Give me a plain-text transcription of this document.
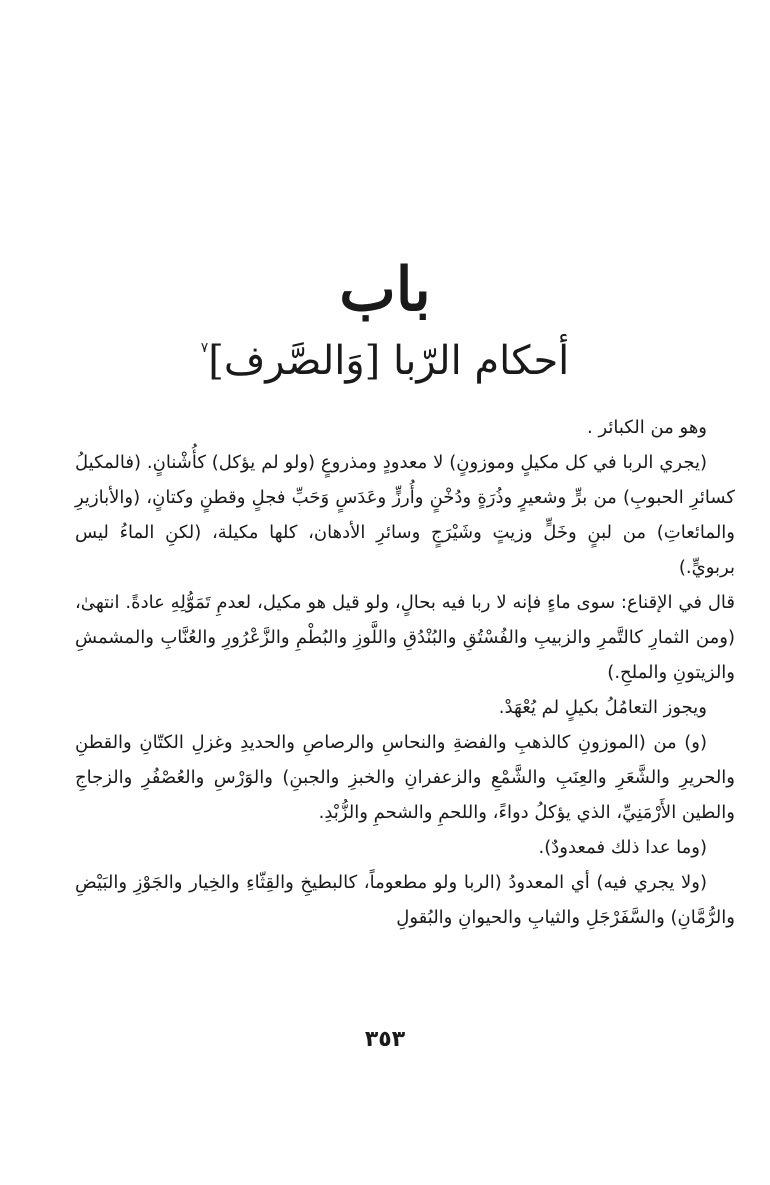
باب
أحكام الرّبا [وَالصَّرف]$^٧$

وهو من الكبائر .

(يجري الربا في كل مكيلٍ وموزونٍ) لا معدودٍ ومذروعٍ (ولو لم يؤكل) كأُشْنانٍ. (فالمكيلُ كسائرِ الحبوبِ) من برٍّ وشعيرٍ وذُرَةٍ ودُخْنٍ وأُرزٍّ وعَدَسٍ وَحَبِّ فجلٍ وقطنٍ وكتانٍ، (والأبازيرِ والمائعاتِ) من لبنٍ وخَلٍّ وزيتٍ وشَيْرَجٍ وسائرِ الأدهان، كلها مكيلة، (لكنِ الماءُ ليس بربويٍّ.)

قال في الإقناع: سوى ماءٍ فإنه لا ربا فيه بحالٍ، ولو قيل هو مكيل، لعدمِ تَمَوُّلِهِ عادةً. انتهىٰ، (ومن الثمارِ كالتَّمرِ والزبيبِ والفُسْتُقِ والبُنْدُقِ واللَّوزِ والبُطْمِ والزَّعْرُورِ والعُنَّابِ والمشمشِ والزيتونِ والملحِ.)

ويجوز التعامُلُ بكيلٍ لم يُعْهَدْ.

(و) من (الموزونِ كالذهبِ والفضةِ والنحاسِ والرصاصِ والحديدِ وغزلِ الكتّانِ والقطنِ والحريرِ والشَّعَرِ والعِنَبِ والشَّمْعِ والزعفرانِ والخبزِ والجبنِ) والوَرْسِ والعُصْفُرِ والزجاجِ والطين الأَرْمَنِيِّ، الذي يؤكلُ دواءً، واللحمِ والشحمِ والزُّبْدِ.

(وما عدا ذلك فمعدودٌ).

(ولا يجري فيه) أي المعدودُ (الربا ولو مطعوماً، كالبطيخِ والقِثّاءِ والخِيار والجَوْزِ والبَيْضِ والرُّمَّانِ) والسَّفَرْجَلِ والثيابِ والحيوانِ والبُقولِ

٣٥٣
